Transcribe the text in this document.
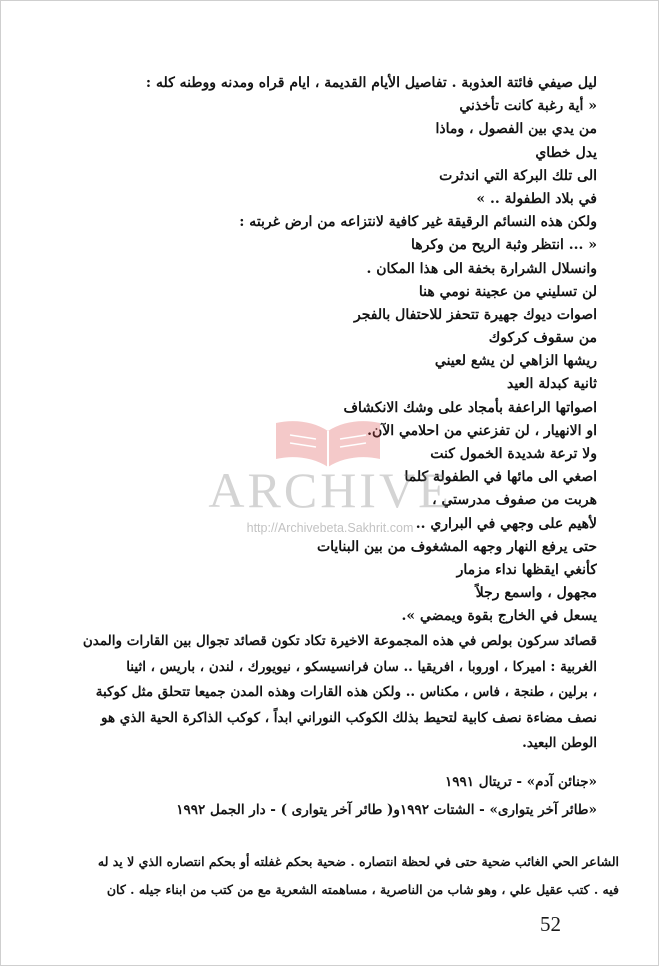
ليل صيفي فائتة العذوبة . تفاصيل الأيام القديمة ، ايام قراه ومدنه ووطنه كله :
« أية رغبة كانت تأخذني
من يدي بين الفصول ، وماذا
يدل خطاي
الى تلك البركة التي اندثرت
في بلاد الطفولة .. »
ولكن هذه النسائم الرقيقة غير كافية لانتزاعه من ارض غربته :
« ... انتظر وثبة الريح من وكرها
وانسلال الشرارة بخفة الى هذا المكان .
لن تسليني من عجينة نومي هنا
اصوات ديوك جهيرة تتحفز للاحتفال بالفجر
من سقوف كركوك
ريشها الزاهي لن يشع لعيني
ثانية كبدلة العيد
اصواتها الراعفة بأمجاد على وشك الانكشاف
او الانهيار ، لن تفزعني من احلامي الآن.
ولا ترعة شديدة الخمول كنت
اصغي الى مائها في الطفولة كلما
هربت من صفوف مدرستي ،
لأهيم على وجهي في البراري ..
حتى يرفع النهار وجهه المشغوف من بين البنايات
كأنغي ايقظها نداء مزمار
مجهول ، واسمع رجلاً
يسعل في الخارج بقوة ويمضي ».
قصائد سركون بولص في هذه المجموعة الاخيرة تكاد تكون قصائد تجوال بين القارات والمدن
الغربية : اميركا ، اوروبا ، افريقيا .. سان فرانسيسكو ، نيويورك ، لندن ، باريس ، اثينا
، برلين ، طنجة ، فاس ، مكناس .. ولكن هذه القارات وهذه المدن جميعا تتحلق مثل كوكبة
نصف مضاءة نصف كابية لتحيط بذلك الكوكب النوراني ابداً ، كوكب الذاكرة الحية الذي هو
الوطن البعيد.
«جنائن آدم» - تريتال ١٩٩١
«طائر آخر يتوارى» - الشتات ١٩٩٢و( طائر آخر يتوارى ) - دار الجمل ١٩٩٢
الشاعر الحي الغائب ضحية حتى في لحظة انتصاره . ضحية بحكم غفلته أو بحكم انتصاره الذي لا يد له
فيه . كتب عقيل علي ، وهو شاب من الناصرية ، مساهمته الشعرية مع من كتب من ابناء جيله . كان
52
ARCHIVE
http://Archivebeta.Sakhrit.com
